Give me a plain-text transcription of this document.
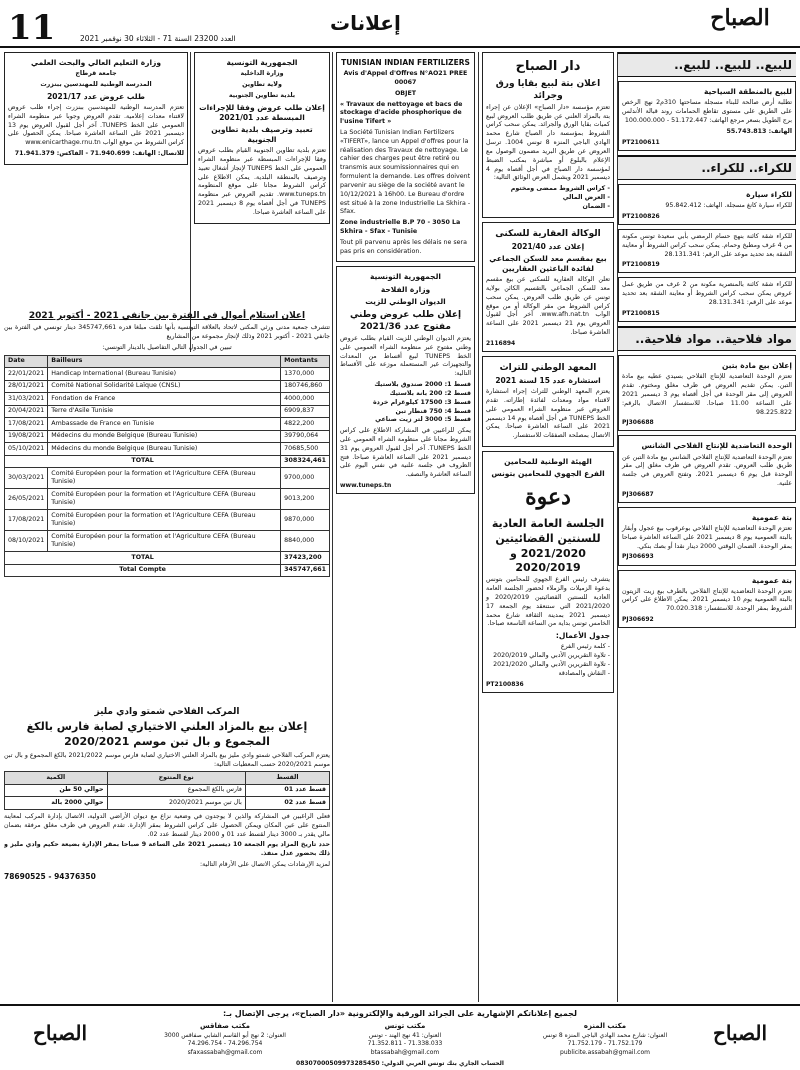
11	العدد 23200 السنة 71 - الثلاثاء 30 نوفمبر 2021
إعلانات	الصباح
للبيع.. للبيع.. للبيع..
للبيع بالمنطقة السياحية
تطلبة أرض صالحة للبناء مسجلة مساحتها 310م2 نهج الرخص على الطريق على مستوى تقاطع الحمامات روند قبالة الأندلس برج الطويل بسعر مرجع الهاتف: 51.172.447 - 100.000.000
الهاتف: 55.743.813
PT2100611
للكراء.. للكراء..
للكراء سيارة
للكراء سيارة كانغ مسجلة. الهاتف: 95.842.412
PT2100826
للكراء شقة كائنة بنهج حسام الرمضي بأبي سعيدة تونس مكونة من 4 غرف ومطبخ وحمام. يمكن سحب كراس الشروط أو معاينة الشقة بعد تحديد موعد على الرقم: 28.131.341
PT2100819
للكراء شقة كائنة بالمنصرية مكونة من 2 غرف من طريق عمل عروض يمكن سحب كراس الشروط أو معاينة الشقة بعد تحديد موعد على الرقم: 28.131.341
PT2100815
مواد فلاحية.. مواد فلاحية..
إعلان بيع مادة بتبن
تعتزم الوحدة التعاضدية للإنتاج الفلاحي بسيدي عطيه بيع مادة التبن. يمكن تقديم العروض في ظرف مغلق ومختوم. تقدم العروض إلى مقر الوحدة في أجل أقصاه يوم 3 ديسمبر 2021 على الساعة 11.00 صباحا. للاستفسار الاتصال بالرقم: 98.225.822
PJ306688
الوحدة التعاضدية للإنتاج الفلاحي الشانس
تعتزم الوحدة التعاضدية للإنتاج الفلاحي الشانس بيع مادة التبن عن طريق طلب العروض. تقدم العروض في ظرف مغلق إلى مقر الوحدة قبل يوم 6 ديسمبر 2021. وتفتح العروض في جلسة علنية.
PJ306687
بتة عمومية
تعتزم الوحدة التعاضدية للإنتاج الفلاحي بوعرقوب بيع عجول وأبقار بالبتة العمومية يوم 8 ديسمبر 2021 على الساعة العاشرة صباحا بمقر الوحدة. الضمان الوقتي 2000 دينار نقدا أو بصك بنكي.
PJ306693
بتة عمومية
تعتزم الوحدة التعاضدية للإنتاج الفلاحي بالطرف بيع زيت الزيتون بالبتة العمومية يوم 10 ديسمبر 2021. يمكن الاطلاع على كراس الشروط بمقر الوحدة. للاستفسار: 70.020.318
PJ306692
دار الصباح
اعلان بتة لبيع بقايا ورق وجرائد
تعتزم مؤسسة «دار الصباح» الإعلان عن إجراء بتة بالمزاد العلني عن طريق طلب العروض لبيع كميات بقايا الورق والجرائد. يمكن سحب كراس الشروط بمؤسسة دار الصباح شارع محمد الهادي الباجي المنزه 8 تونس 1004. ترسل العروض عن طريق البريد مضمون الوصول مع الإعلام بالبلوغ أو مباشرة بمكتب الضبط لمؤسسة دار الصباح في أجل أقصاه يوم 4 ديسمبر 2021 ويشمل العرض الوثائق التالية:
- كراس الشروط ممضى ومختوم
- العرض المالي
- الضمان
الوكالة العقارية للسكنى
إعلان عدد 2021/40
بيع بمقسم معد للسكن الجماعي لفائدة الباعثين العقاريين
تعلن الوكالة العقارية للسكنى عن بيع مقسم معد للسكن الجماعي بالتقسيم الكائن بولاية تونس عن طريق طلب العروض. يمكن سحب كراس الشروط من مقر الوكالة أو من موقع الواب www.afh.nat.tn. آخر أجل لقبول العروض يوم 21 ديسمبر 2021 على الساعة العاشرة صباحا.
2116894
المعهد الوطني للتراث
استشارة عدد 15 لسنة 2021
يعتزم المعهد الوطني للتراث إجراء استشارة لاقتناء مواد ومعدات لفائدة إطاراته. تقدم العروض عبر منظومة الشراء العمومي على الخط TUNEPS في أجل أقصاه يوم 14 ديسمبر 2021 على الساعة العاشرة صباحا. يمكن الاتصال بمصلحة الصفقات للاستفسار.
الهيئة الوطنية للمحامين
الفرع الجهوي للمحامين بتونس
دعوة
الجلسة العامة العادية
للسنتين القضائيتين
2021/2020 و 2020/2019
يتشرف رئيس الفرع الجهوي للمحامين بتونس بدعوة الزميلات والزملاء لحضور الجلسة العامة العادية للسنتين القضائيتين 2020/2019 و 2021/2020 التي ستنعقد يوم الجمعة 17 ديسمبر 2021 بمدينة الثقافة شارع محمد الخامس تونس بداية من الساعة التاسعة صباحا.
جدول الأعمال:
- كلمة رئيس الفرع
- تلاوة التقريرين الأدبي والمالي 2020/2019
- تلاوة التقريرين الأدبي والمالي 2021/2020
- النقاش والمصادقة
PT2100836
TUNISIAN INDIAN FERTILIZERS
Avis d'Appel d'Offres N°AO21 PREE 00067
OBJET
« Travaux de nettoyage et bacs de stockage d'acide phosphorique de l'usine Tifert »
La Société Tunisian Indian Fertilizers «TIFERT», lance un Appel d'offres pour la réalisation des Travaux de nettoyage. Le cahier des charges peut être retiré ou transmis aux soumissionnaires qui en formulent la demande. Les offres doivent parvenir au siège de la société avant le 10/12/2021 à 16h00. Le Bureau d'ordre est situé à la zone Industrielle La Skhira - Sfax.
Zone industrielle B.P 70 - 3050 La Skhira - Sfax - Tunisie
Tout pli parvenu après les délais ne sera pas pris en considération.
الجمهورية التونسية
وزارة الفلاحة
الديوان الوطني للزيت
إعلان طلب عروض وطني مفتوح عدد 2021/36
يعتزم الديوان الوطني للزيت القيام بطلب عروض وطني مفتوح عبر منظومة الشراء العمومي على الخط TUNEPS لبيع أقساط من المعدات والتجهيزات غير المستعملة موزعة على الأقساط التالية:
قسط 1: 2000 صندوق بلاستيك
قسط 2: 200 بانة بلاستيك
قسط 3: 17500 كيلوغرام خردة
قسط 4: 750 قنطار تبن
قسط 5: 3000 لتر زيت صناعي
يمكن للراغبين في المشاركة الاطلاع على كراس الشروط مجانا على منظومة الشراء العمومي على الخط TUNEPS. آخر أجل لقبول العروض يوم 31 ديسمبر 2021 على الساعة العاشرة صباحا. فتح الظروف في جلسة علنية في نفس اليوم على الساعة العاشرة والنصف.
www.tuneps.tn
الجمهورية التونسية
وزارة الداخلية
ولاية تطاوين
بلدية تطاوين الجنوبية
إعلان طلب عروض وفقا للإجراءات المبسطة عدد 2021/01
تعبيد وترصيف بلدية تطاوين الجنوبية
تعتزم بلدية تطاوين الجنوبية القيام بطلب عروض وفقا للإجراءات المبسطة عبر منظومة الشراء العمومي على الخط TUNEPS لإنجاز أشغال تعبيد وترصيف بالمنطقة البلدية. يمكن الاطلاع على كراس الشروط مجانا على موقع المنظومة www.tuneps.tn. تقديم العروض عبر منظومة TUNEPS في أجل أقصاه يوم 8 ديسمبر 2021 على الساعة العاشرة صباحا.
وزارة التعليم العالي والبحث العلمي
جامعة قرطاج
المدرسة الوطنية للمهندسين ببنزرت
طلب عروض عدد 2021/17
تعتزم المدرسة الوطنية للمهندسين ببنزرت إجراء طلب عروض لاقتناء معدات إعلامية. تقدم العروض وجوبا عبر منظومة الشراء العمومي على الخط TUNEPS. آخر أجل لقبول العروض يوم 13 ديسمبر 2021 على الساعة العاشرة صباحا. يمكن الحصول على كراس الشروط من موقع الواب www.enicarthage.rnu.tn
للاتصال: الهاتف: 71.940.699 - الفاكس: 71.941.379
اعلان استلام أموال في الفترة بين جانفي 2021 - أكتوبر 2021
تتشرف جمعية مدنى ورثي المكنى لاتحاد بالعلاقة التونسية بأنها تلقت مبلغا قدره 345747,661 دينار تونسي في الفترة بين جانفي 2021 - أكتوبر 2021 وذلك لإنجاز مجموعة من المشاريع
تبيين في الجدول التالي التفاصيل بالدينار التونسي:
Date	Bailleurs	Montants
22/01/2021	Handicap International (Bureau Tunisie)	1370,000
28/01/2021	Comité National Solidarité Laïque (CNSL)	180746,860
31/03/2021	Fondation de France	4000,000
20/04/2021	Terre d'Asile Tunisie	6909,837
17/08/2021	Ambassade de France en Tunisie	4822,200
19/08/2021	Médecins du monde Belgique (Bureau Tunisie)	39790,064
05/10/2021	Médecins du monde Belgique (Bureau Tunisie)	70685,500
TOTAL		308324,461
30/03/2021	Comité Européen pour la formation et l'Agriculture CEFA (Bureau Tunisie)	9700,000
26/05/2021	Comité Européen pour la formation et l'Agriculture CEFA (Bureau Tunisie)	9013,200
17/08/2021	Comité Européen pour la formation et l'Agriculture CEFA (Bureau Tunisie)	9870,000
08/10/2021	Comité Européen pour la formation et l'Agriculture CEFA (Bureau Tunisie)	8840,000
TOTAL		37423,200
Total Compte		345747,661
المركب الفلاحي شمتو وادي مليز
إعلان بيع بالمزاد العلني الاختياري لصابة فارس بالكغ المجموع و بال تبن موسم 2020/2021
يعتزم المركب الفلاحي شمتو وادي مليز بيع بالمزاد العلني الاختياري لصابة فارس موسم 2021/2022 بالكغ المجموع و بال تبن موسم 2020/2021 حسب المعطيات التالية:
القسط	نوع المنتوج	الكمية
قسط عدد 01	فارس بالكغ المجموع	حوالي 50 طن
قسط عدد 02	بال تبن موسم 2020/2021	حوالي 2000 بالة
فعلى الراغبين في المشاركة والذين لا يوجدون في وضعية نزاع مع ديوان الأراضي الدولية، الاتصال بإدارة المركب لمعاينة المنتوج على عين المكان ويمكن الحصول على كراس الشروط بمقر الإدارة. تقدم العروض في ظرف مغلق مرفقة بضمان مالي يقدر بـ 3000 دينار لقسط عدد 01 و 2000 دينار لقسط عدد 02.
حدد تاريخ المزاد يوم الجمعة 10 ديسمبر 2021 على الساعة 9 صباحا بمقر الإدارة بضيعة حكيم وادي مليز و ذلك بحضور عدل منفذ.
لمزيد الإرشادات يمكن الاتصال على الأرقام التالية:
78690525 - 94376350
لجميع إعلاناتكم الإشهارية على الجرائد الورقية والإلكترونية «دار الصباح»، يرجى الإتصال بـ:
الصباح
مكتب المنزه
العنوان: شارع محمد الهادي الباجي المنزه 8 تونس
71.752.179 - 71.752.179
publicite.assabah@gmail.com
مكتب تونس
العنوان: 41 نهج الهند - تونس
71.352.811 - 71.338.033
btassabah@gmail.com
مكتب صفاقس
العنوان: 2 نهج أبو القاسم الشابي صفاقس 3000
74.296.754 - 74.296.754
sfaxassabah@gmail.com
الصباح
الحساب الجاري بنك تونس العربي الدولي: 08307000509973285450
